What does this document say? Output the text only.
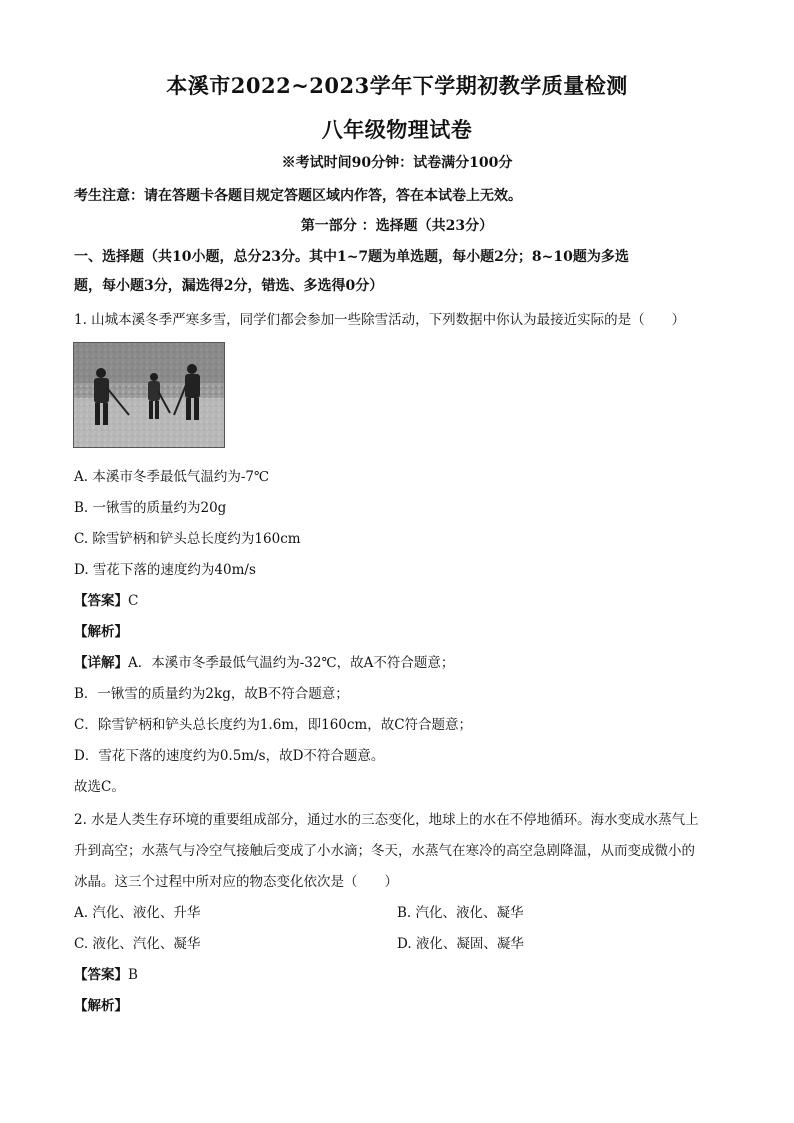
本溪市2022~2023学年下学期初教学质量检测
八年级物理试卷
※考试时间90分钟：试卷满分100分
考生注意：请在答题卡各题目规定答题区域内作答，答在本试卷上无效。
第一部分 ：选择题（共23分）
一、选择题（共10小题，总分23分。其中1~7题为单选题，每小题2分；8~10题为多选
题，每小题3分，漏选得2分，错选、多选得0分）
1. 山城本溪冬季严寒多雪，同学们都会参加一些除雪活动，下列数据中你认为最接近实际的是（　　）
A. 本溪市冬季最低气温约为-7℃
B. 一锹雪的质量约为20g
C. 除雪铲柄和铲头总长度约为160cm
D. 雪花下落的速度约为40m/s
【答案】C
【解析】
【详解】A．本溪市冬季最低气温约为-32℃，故A不符合题意；
B．一锹雪的质量约为2kg，故B不符合题意；
C．除雪铲柄和铲头总长度约为1.6m，即160cm，故C符合题意；
D．雪花下落的速度约为0.5m/s，故D不符合题意。
故选C。
2. 水是人类生存环境的重要组成部分，通过水的三态变化，地球上的水在不停地循环。海水变成水蒸气上
升到高空；水蒸气与冷空气接触后变成了小水滴；冬天，水蒸气在寒冷的高空急剧降温，从而变成微小的
冰晶。这三个过程中所对应的物态变化依次是（　　）
A. 汽化、液化、升华	B. 汽化、液化、凝华
C. 液化、汽化、凝华	D. 液化、凝固、凝华
【答案】B
【解析】
